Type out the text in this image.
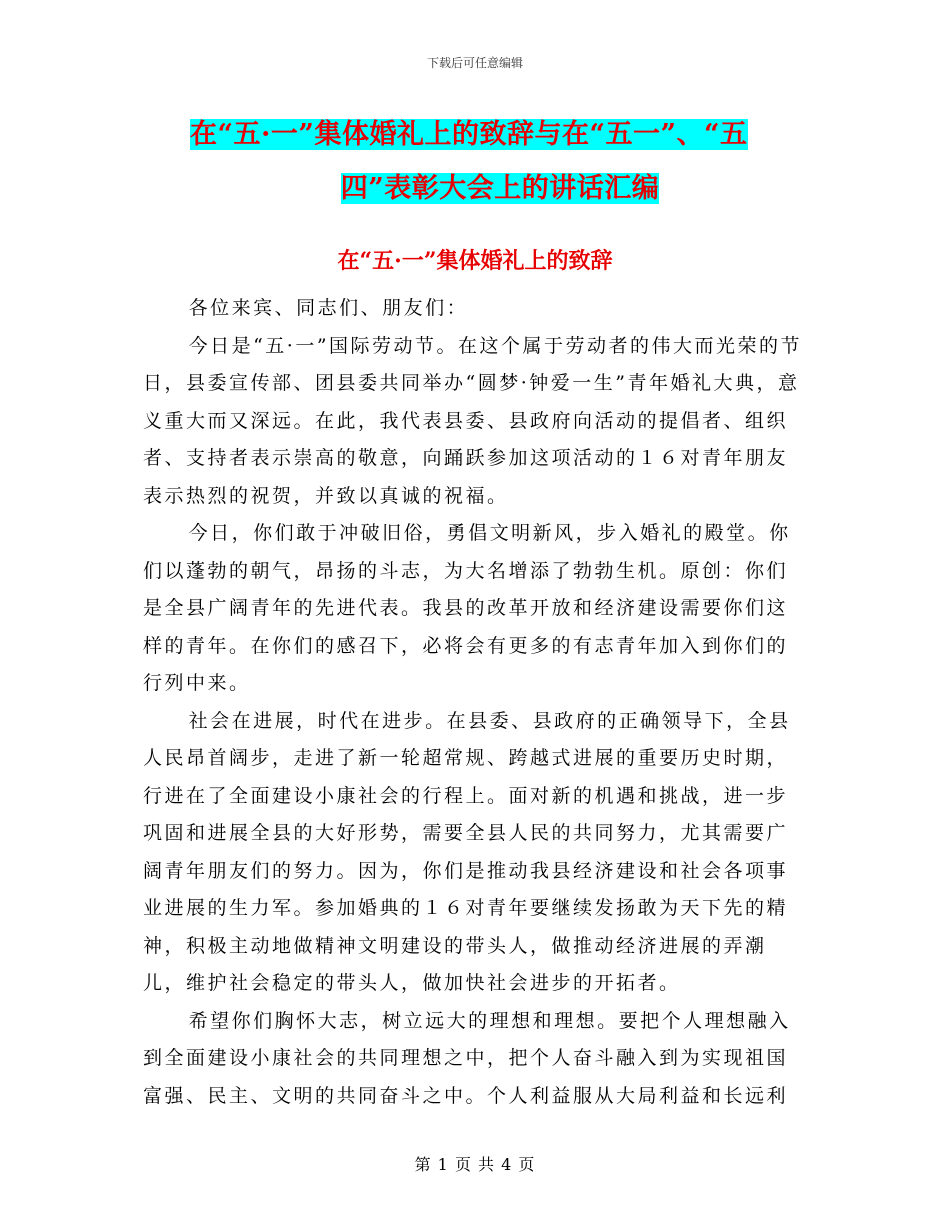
下载后可任意编辑
在“五·一”集体婚礼上的致辞与在“五一”、“五
四”表彰大会上的讲话汇编
在“五·一”集体婚礼上的致辞

各位来宾、同志们、朋友们：

今日是“五·一”国际劳动节。在这个属于劳动者的伟大而光荣的节日，县委宣传部、团县委共同举办“圆梦·钟爱一生”青年婚礼大典，意义重大而又深远。在此，我代表县委、县政府向活动的提倡者、组织者、支持者表示崇高的敬意，向踊跃参加这项活动的１６对青年朋友表示热烈的祝贺，并致以真诚的祝福。

今日，你们敢于冲破旧俗，勇倡文明新风，步入婚礼的殿堂。你们以蓬勃的朝气，昂扬的斗志，为大名增添了勃勃生机。原创：你们是全县广阔青年的先进代表。我县的改革开放和经济建设需要你们这样的青年。在你们的感召下，必将会有更多的有志青年加入到你们的行列中来。

社会在进展，时代在进步。在县委、县政府的正确领导下，全县人民昂首阔步，走进了新一轮超常规、跨越式进展的重要历史时期，行进在了全面建设小康社会的行程上。面对新的机遇和挑战，进一步巩固和进展全县的大好形势，需要全县人民的共同努力，尤其需要广阔青年朋友们的努力。因为，你们是推动我县经济建设和社会各项事业进展的生力军。参加婚典的１６对青年要继续发扬敢为天下先的精神，积极主动地做精神文明建设的带头人，做推动经济进展的弄潮儿，维护社会稳定的带头人，做加快社会进步的开拓者。

希望你们胸怀大志，树立远大的理想和理想。要把个人理想融入到全面建设小康社会的共同理想之中，把个人奋斗融入到为实现祖国富强、民主、文明的共同奋斗之中。个人利益服从大局利益和长远利

第 1 页 共 4 页
